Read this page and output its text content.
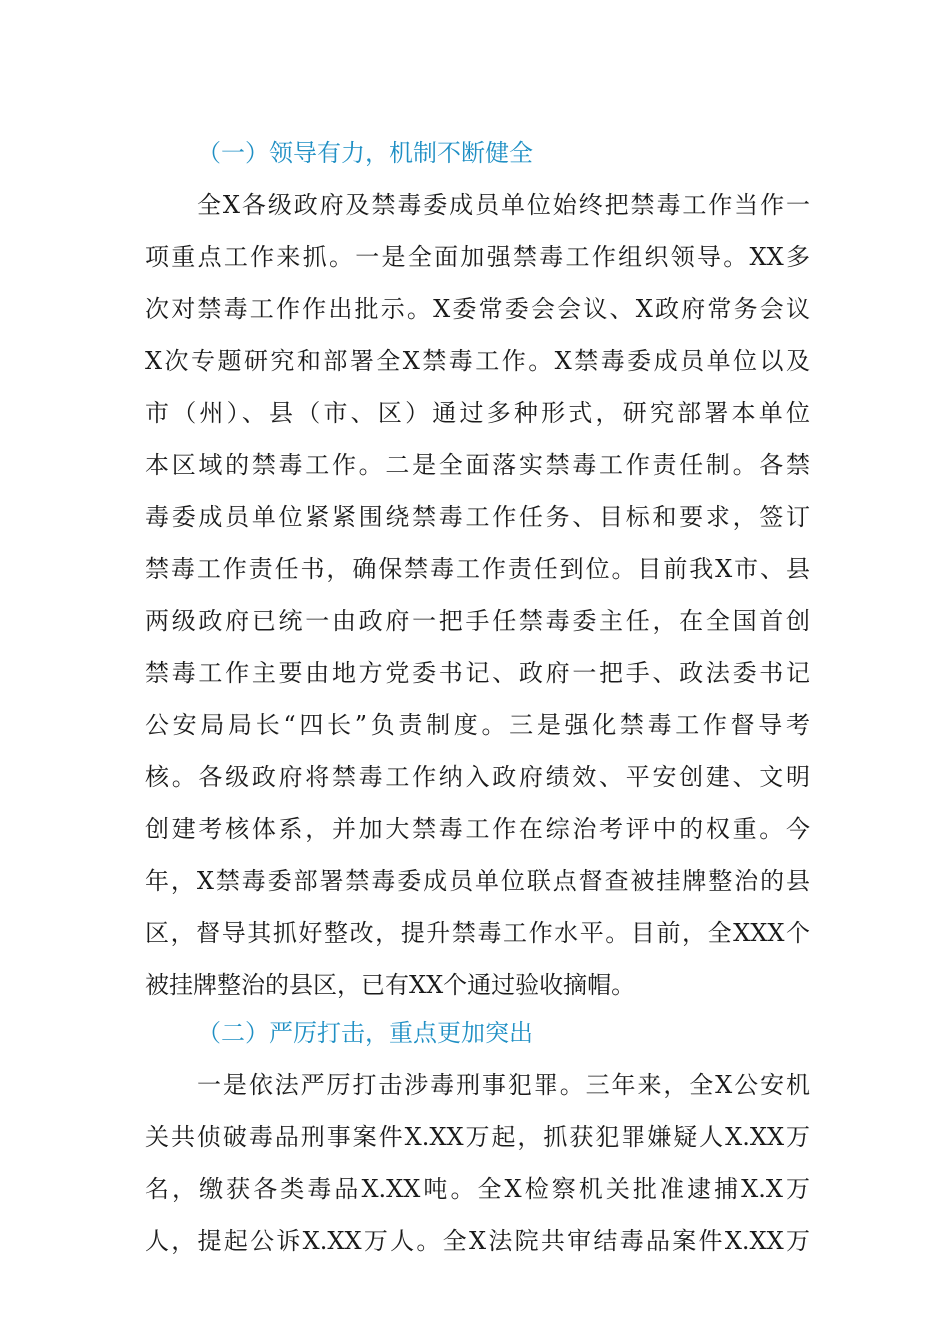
（一）领导有力，机制不断健全
全X各级政府及禁毒委成员单位始终把禁毒工作当作一
项重点工作来抓。一是全面加强禁毒工作组织领导。XX多
次对禁毒工作作出批示。X委常委会会议、X政府常务会议
X次专题研究和部署全X禁毒工作。X禁毒委成员单位以及
市（州）、县（市、区）通过多种形式，研究部署本单位
本区域的禁毒工作。二是全面落实禁毒工作责任制。各禁
毒委成员单位紧紧围绕禁毒工作任务、目标和要求，签订
禁毒工作责任书，确保禁毒工作责任到位。目前我X市、县
两级政府已统一由政府一把手任禁毒委主任，在全国首创
禁毒工作主要由地方党委书记、政府一把手、政法委书记
公安局局长“四长”负责制度。三是强化禁毒工作督导考
核。各级政府将禁毒工作纳入政府绩效、平安创建、文明
创建考核体系，并加大禁毒工作在综治考评中的权重。今
年，X禁毒委部署禁毒委成员单位联点督查被挂牌整治的县
区，督导其抓好整改，提升禁毒工作水平。目前，全XXX个
被挂牌整治的县区，已有XX个通过验收摘帽。
（二）严厉打击，重点更加突出
一是依法严厉打击涉毒刑事犯罪。三年来，全X公安机
关共侦破毒品刑事案件X.XX万起，抓获犯罪嫌疑人X.XX万
名，缴获各类毒品X.XX吨。全X检察机关批准逮捕X.X万
人，提起公诉X.XX万人。全X法院共审结毒品案件X.XX万
